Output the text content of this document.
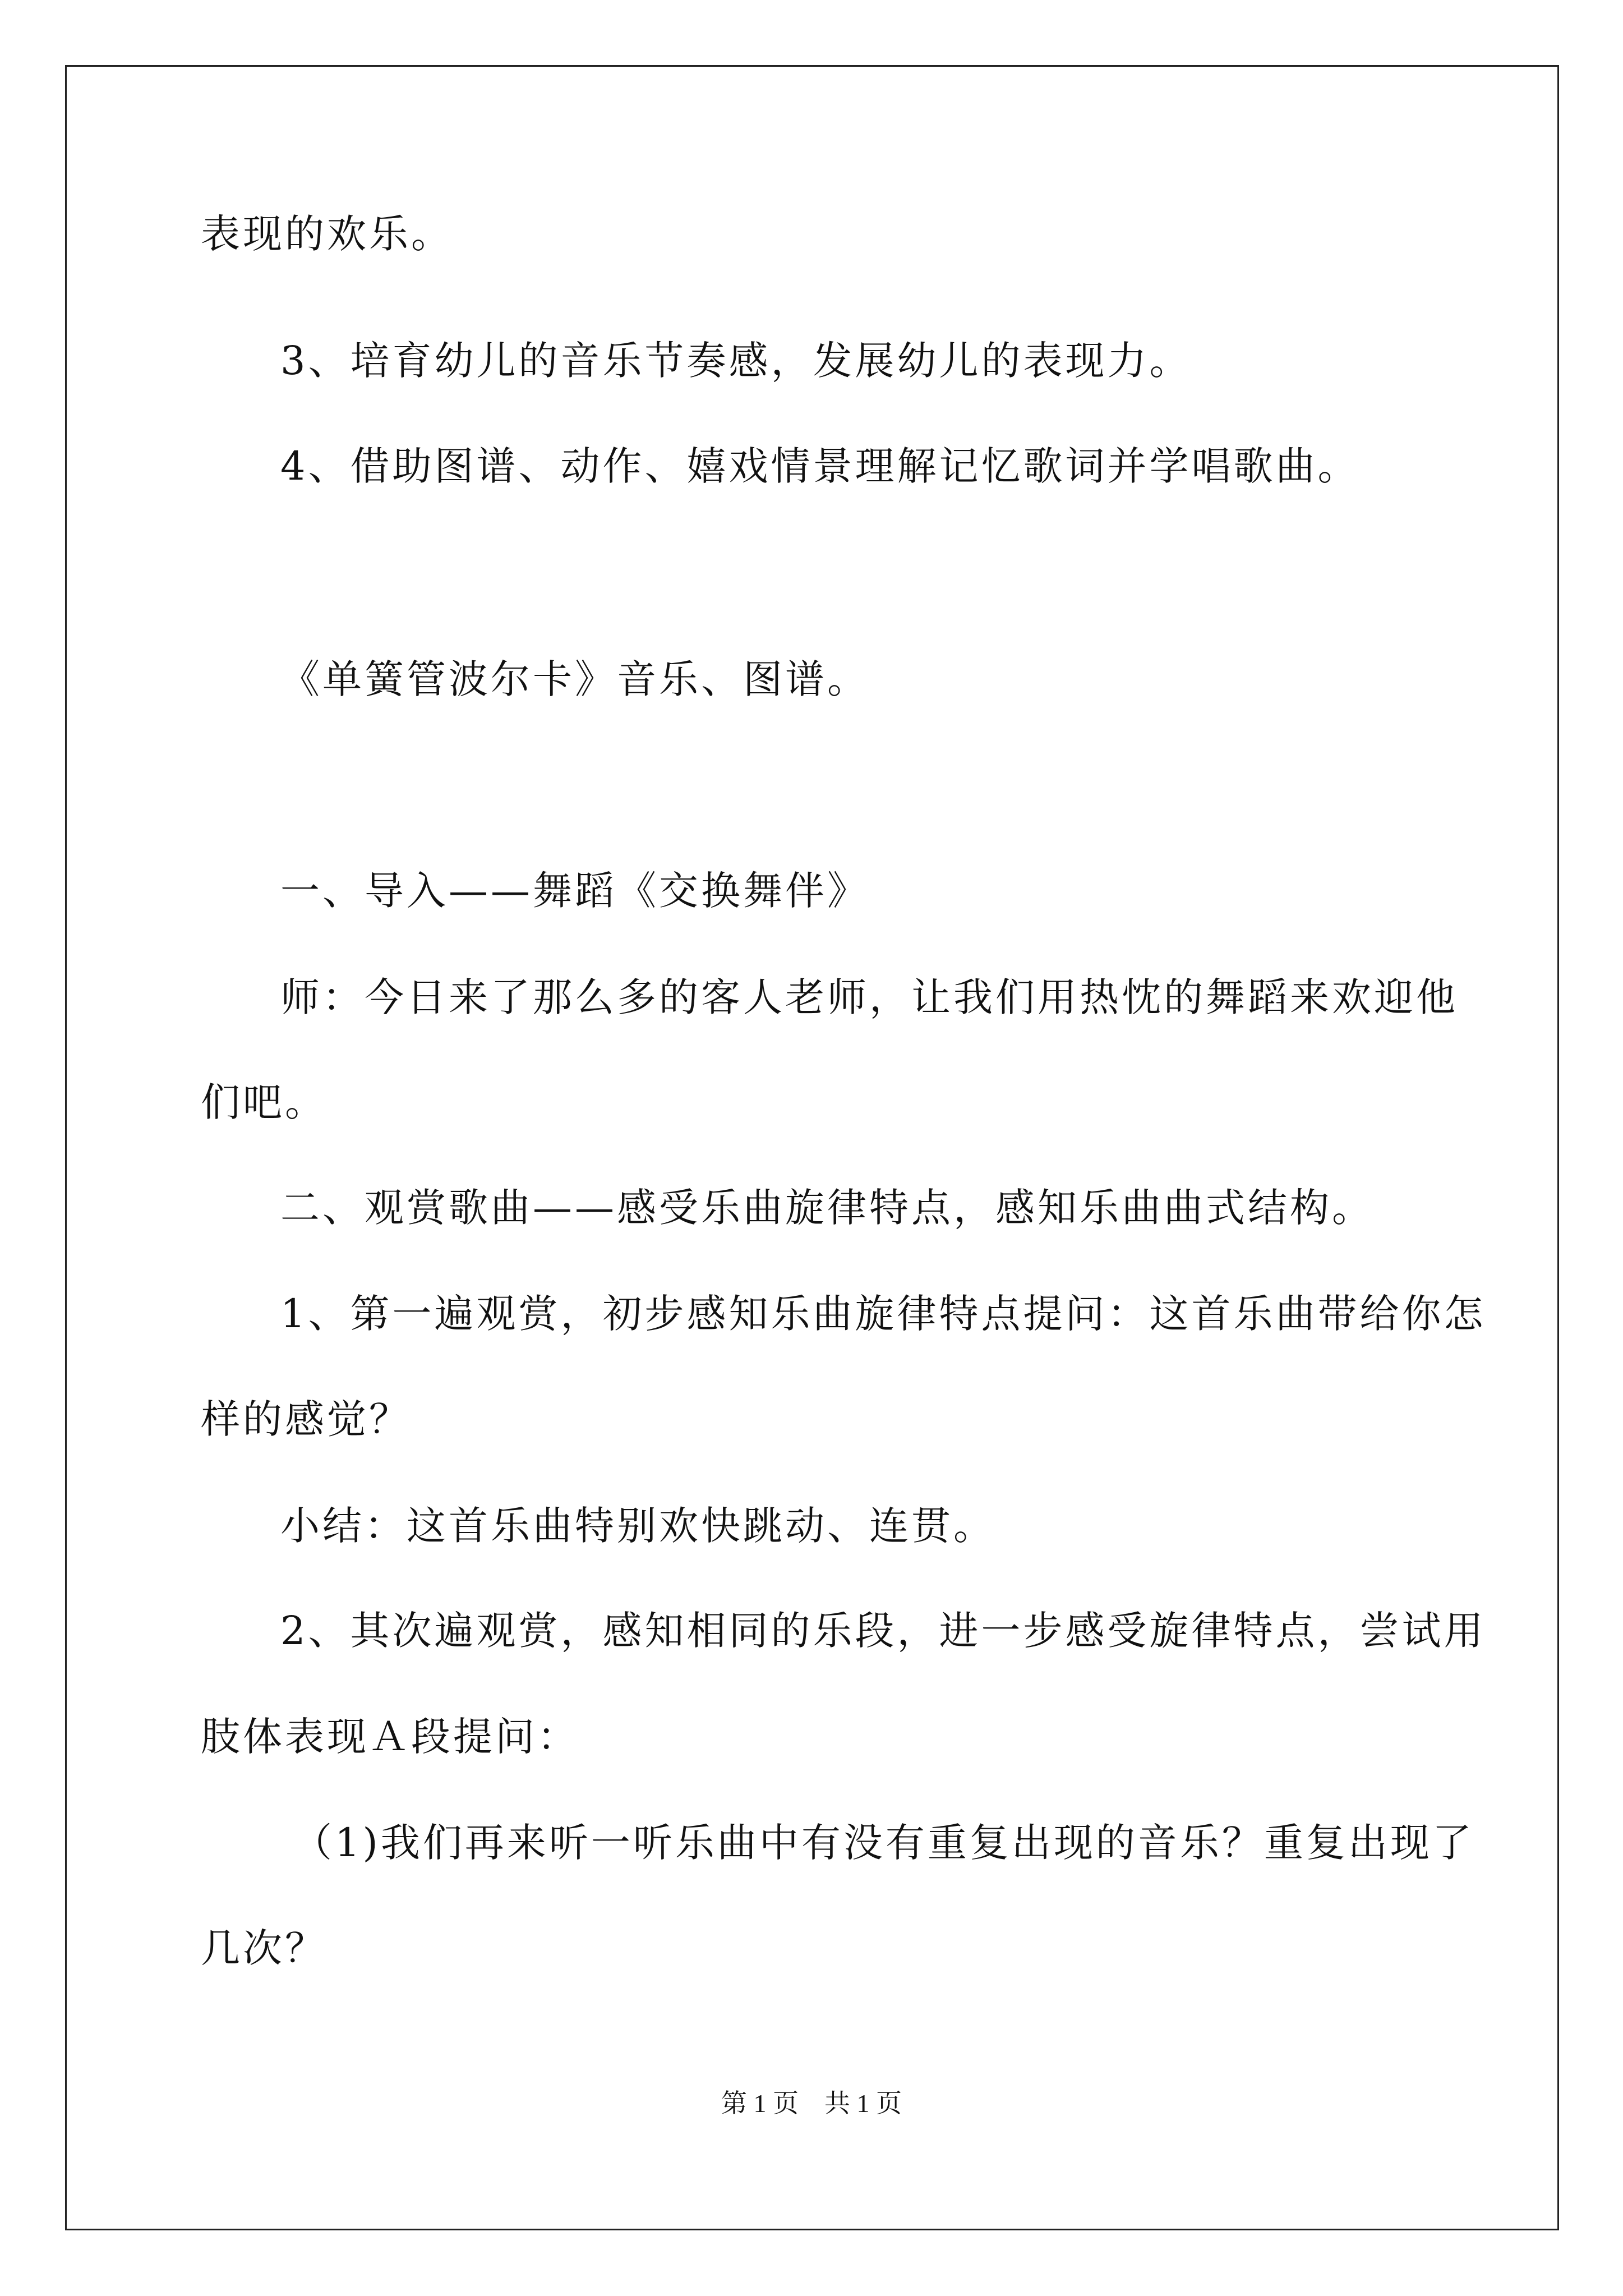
表现的欢乐。
3、培育幼儿的音乐节奏感，发展幼儿的表现力。
4、借助图谱、动作、嬉戏情景理解记忆歌词并学唱歌曲。
《单簧管波尔卡》音乐、图谱。
一、导入——舞蹈《交换舞伴》
师：今日来了那么多的客人老师，让我们用热忱的舞蹈来欢迎他
们吧。
二、观赏歌曲——感受乐曲旋律特点，感知乐曲曲式结构。
1、第一遍观赏，初步感知乐曲旋律特点提问：这首乐曲带给你怎
样的感觉？
小结：这首乐曲特别欢快跳动、连贯。
2、其次遍观赏，感知相同的乐段，进一步感受旋律特点，尝试用
肢体表现Ａ段提问：
（1)我们再来听一听乐曲中有没有重复出现的音乐？重复出现了
几次？
第 1 页　共 1 页
